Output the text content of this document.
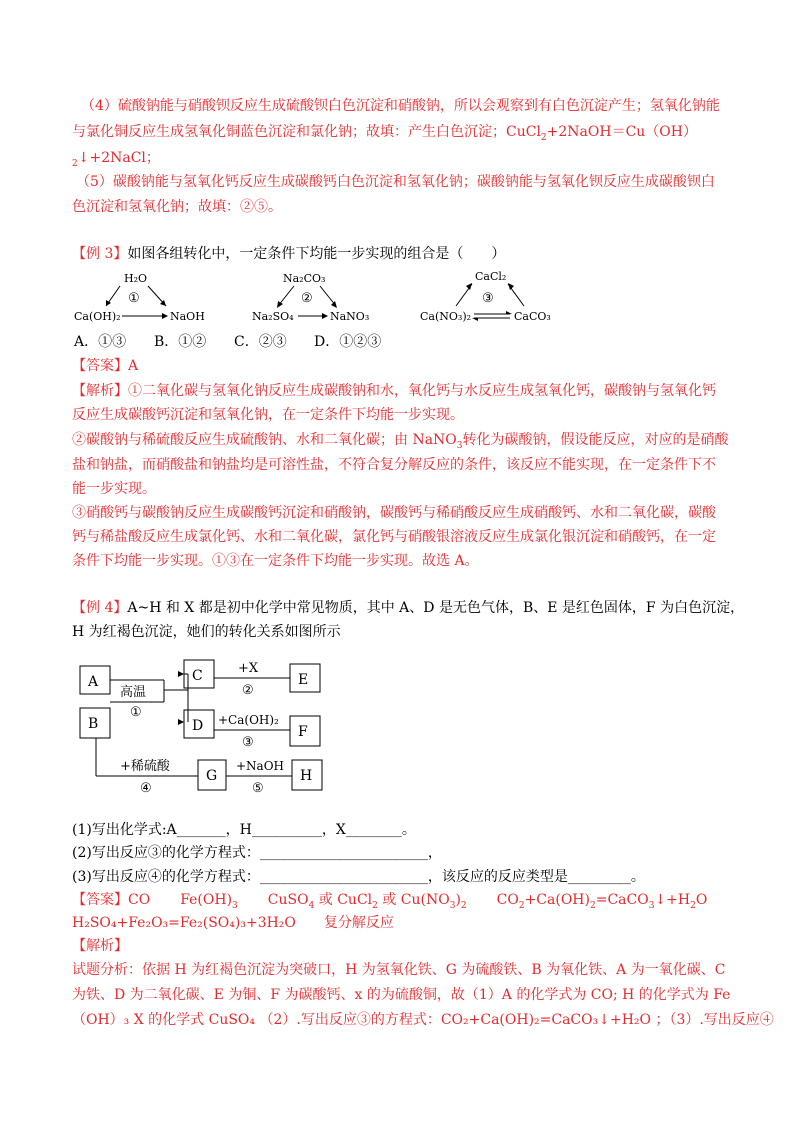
（4）硫酸钠能与硝酸钡反应生成硫酸钡白色沉淀和硝酸钠，所以会观察到有白色沉淀产生；氢氧化钠能
与氯化铜反应生成氢氧化铜蓝色沉淀和氯化钠；故填：产生白色沉淀；CuCl$_2$+2NaOH＝Cu（OH）
$_2$↓+2NaCl；
（5）碳酸钠能与氢氧化钙反应生成碳酸钙白色沉淀和氢氧化钠；碳酸钠能与氢氧化钡反应生成碳酸钡白
色沉淀和氢氧化钠；故填：②⑤。
【例 3】如图各组转化中，一定条件下均能一步实现的组合是（　　）
H₂O
①
Ca(OH)₂	NaOH
Na₂CO₃
②
Na₂SO₄	NaNO₃
CaCl₂
③
Ca(NO₃)₂	CaCO₃
A．①③ B．①② C．②③ D．①②③
【答案】A
【解析】①二氧化碳与氢氧化钠反应生成碳酸钠和水，氧化钙与水反应生成氢氧化钙，碳酸钠与氢氧化钙
反应生成碳酸钙沉淀和氢氧化钠，在一定条件下均能一步实现。
②碳酸钠与稀硫酸反应生成硫酸钠、水和二氧化碳；由 NaNO$_3$转化为碳酸钠，假设能反应，对应的是硝酸
盐和钠盐，而硝酸盐和钠盐均是可溶性盐，不符合复分解反应的条件，该反应不能实现，在一定条件下不
能一步实现。
③硝酸钙与碳酸钠反应生成碳酸钙沉淀和硝酸钠，碳酸钙与稀硝酸反应生成硝酸钙、水和二氧化碳，碳酸
钙与稀盐酸反应生成氯化钙、水和二氧化碳，氯化钙与硝酸银溶液反应生成氯化银沉淀和硝酸钙，在一定
条件下均能一步实现。①③在一定条件下均能一步实现。故选 A。
【例 4】A~H 和 X 都是初中化学中常见物质，其中 A、D 是无色气体，B、E 是红色固体，F 为白色沉淀，
H 为红褐色沉淀，她们的转化关系如图所示
A
B
C	E
D	F
G	H
高温
①
+X
②
+Ca(OH)₂
③
+稀硫酸
④
+NaOH
⑤
(1)写出化学式:A_______，H__________，X________。
(2)写出反应③的化学方程式：________________________，
(3)写出反应④的化学方程式：________________________，该反应的反应类型是_________。
【答案】CO $Fe(OH)_3$ CuSO$_4$ 或 CuCl$_2$ 或 $Cu(NO_3)_2$ $CO_2+Ca(OH)_2=CaCO_3↓+H_2O$
H₂SO₄+Fe₂O₃=Fe₂(SO₄)₃+3H₂O 复分解反应
【解析】
试题分析：依据 H 为红褐色沉淀为突破口，H 为氢氧化铁、G 为硫酸铁、B 为氧化铁、A 为一氧化碳、C
为铁、D 为二氧化碳、E 为铜、F 为碳酸钙、x 的为硫酸铜，故（1）A 的化学式为 CO; H 的化学式为 Fe
（OH）₃ X 的化学式 CuSO₄ （2）.写出反应③的方程式：CO₂+Ca(OH)₂=CaCO₃↓+H₂O ；（3）.写出反应④
